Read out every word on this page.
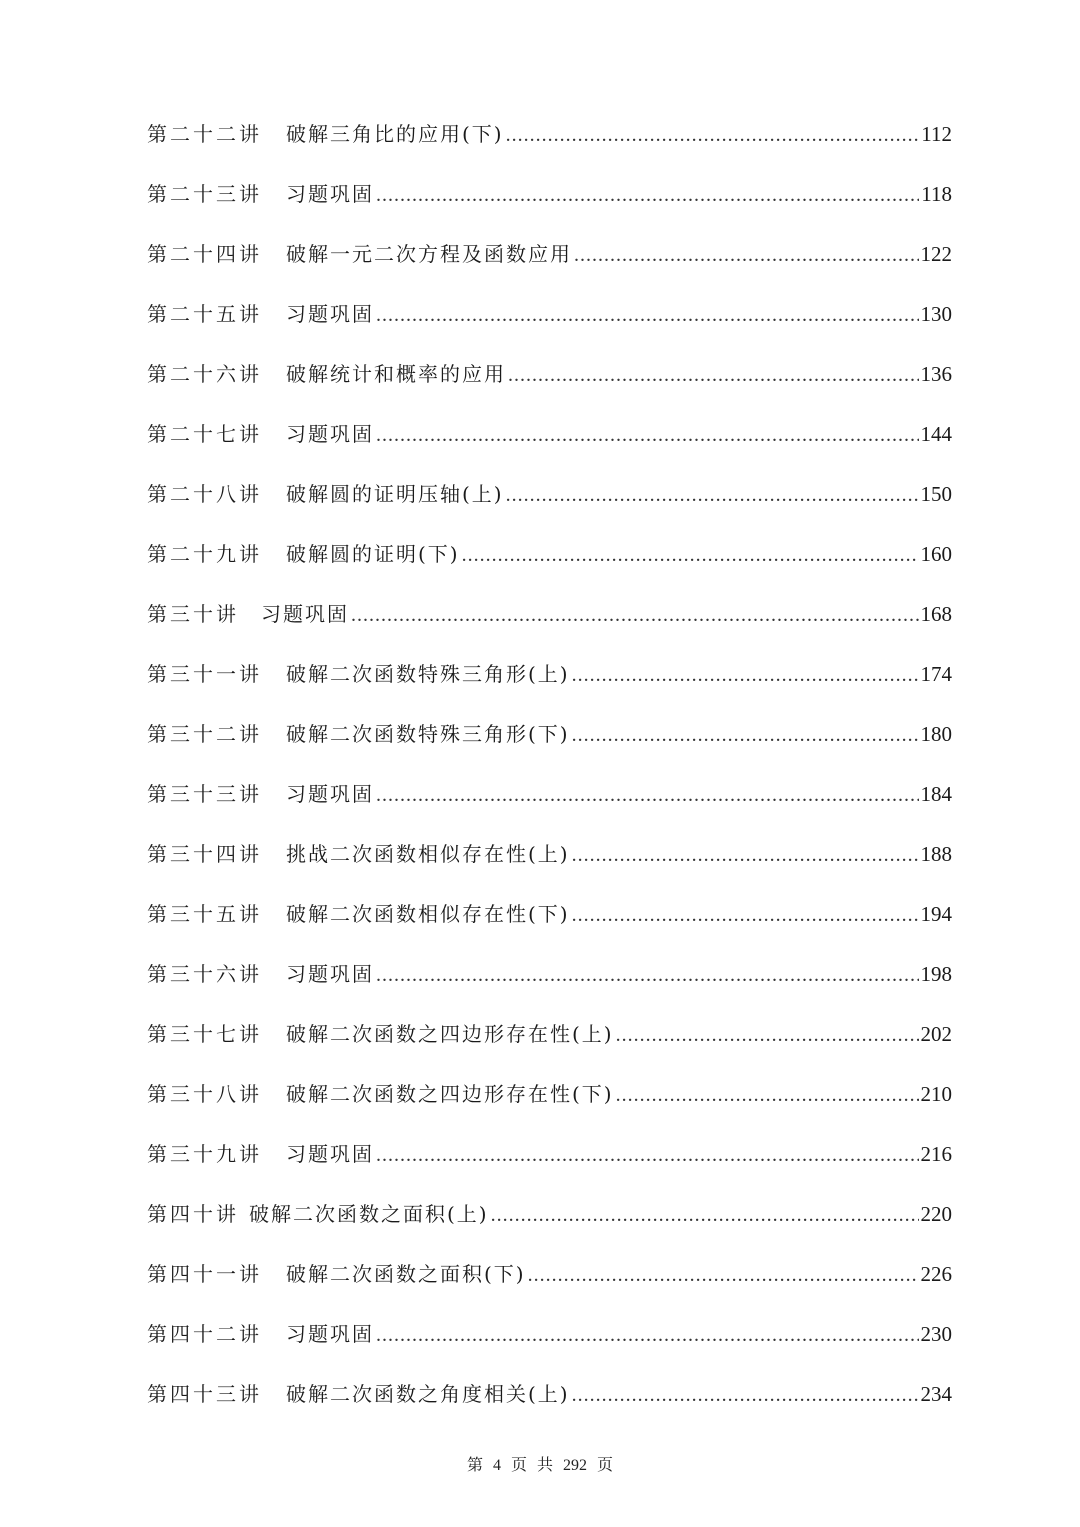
第二十二讲 破解三角比的应用(下) .....	112
第二十三讲 习题巩固 .....	118
第二十四讲 破解一元二次方程及函数应用 .....	122
第二十五讲 习题巩固 .....	130
第二十六讲 破解统计和概率的应用 .....	136
第二十七讲 习题巩固 .....	144
第二十八讲 破解圆的证明压轴(上) .....	150
第二十九讲 破解圆的证明(下) .....	160
第三十讲 习题巩固 .....	168
第三十一讲 破解二次函数特殊三角形(上) .....	174
第三十二讲 破解二次函数特殊三角形(下) .....	180
第三十三讲 习题巩固 .....	184
第三十四讲 挑战二次函数相似存在性(上) .....	188
第三十五讲 破解二次函数相似存在性(下) .....	194
第三十六讲 习题巩固 .....	198
第三十七讲 破解二次函数之四边形存在性(上) .....	202
第三十八讲 破解二次函数之四边形存在性(下) .....	210
第三十九讲 习题巩固 .....	216
第四十讲 破解二次函数之面积(上) .....	220
第四十一讲 破解二次函数之面积(下) .....	226
第四十二讲 习题巩固 .....	230
第四十三讲 破解二次函数之角度相关(上) .....	234
第 4 页 共 292 页
